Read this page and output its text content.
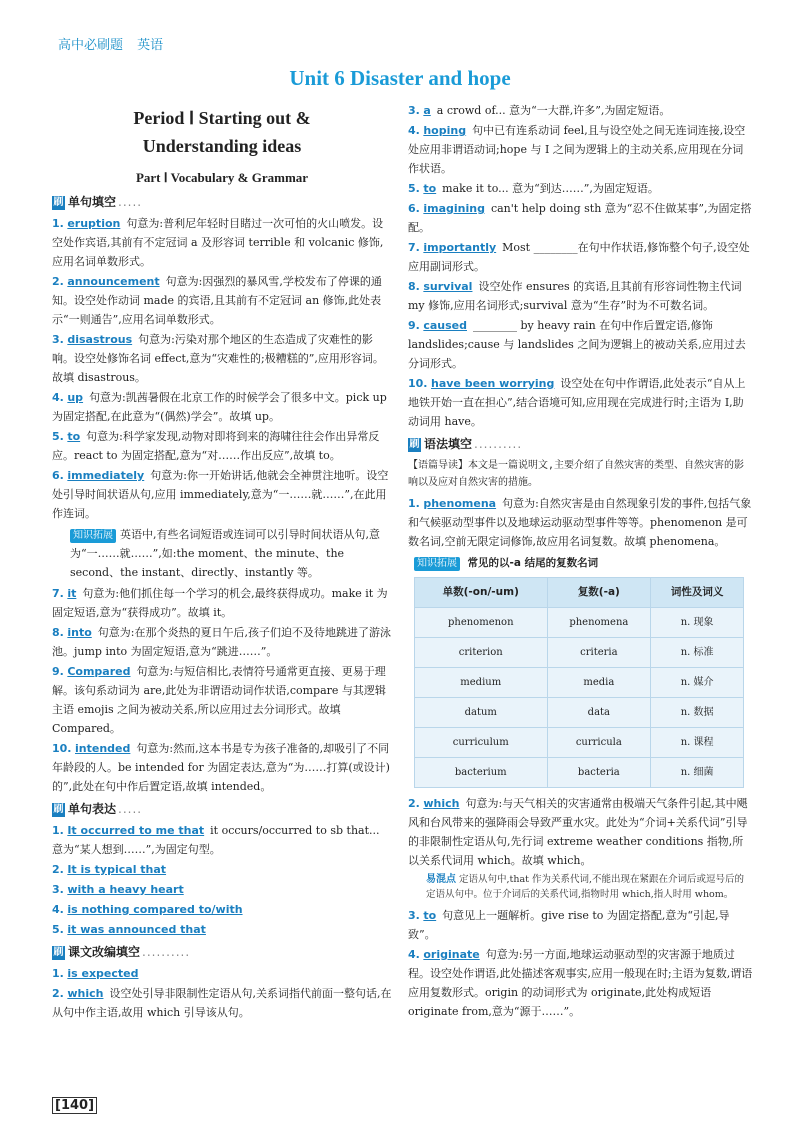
高中必刷题 英语
Unit 6 Disaster and hope
Period Ⅰ Starting out &
Understanding ideas
Part Ⅰ Vocabulary & Grammar
刷 单句填空 .....
1. eruption 句意为:普利尼年轻时目睹过一次可怕的火山喷发。设空处作宾语,其前有不定冠词 a 及形容词 terrible 和 volcanic 修饰,应用名词单数形式。
2. announcement 句意为:因强烈的暴风雪,学校发布了停课的通知。设空处作动词 made 的宾语,且其前有不定冠词 an 修饰,此处表示“一则通告”,应用名词单数形式。
3. disastrous 句意为:污染对那个地区的生态造成了灾难性的影响。设空处修饰名词 effect,意为“灾难性的;极糟糕的”,应用形容词。故填 disastrous。
4. up 句意为:凯茜暑假在北京工作的时候学会了很多中文。pick up 为固定搭配,在此意为“(偶然)学会”。故填 up。
5. to 句意为:科学家发现,动物对即将到来的海啸往往会作出异常反应。react to 为固定搭配,意为“对……作出反应”,故填 to。
6. immediately 句意为:你一开始讲话,他就会全神贯注地听。设空处引导时间状语从句,应用 immediately,意为“一……就……”,在此用作连词。
知识拓展 英语中,有些名词短语或连词可以引导时间状语从句,意为“一……就……”,如:the moment、the minute、the second、the instant、directly、instantly 等。
7. it 句意为:他们抓住每一个学习的机会,最终获得成功。make it 为固定短语,意为“获得成功”。故填 it。
8. into 句意为:在那个炎热的夏日午后,孩子们迫不及待地跳进了游泳池。jump into 为固定短语,意为“跳进……”。
9. Compared 句意为:与短信相比,表情符号通常更直接、更易于理解。该句系动词为 are,此处为非谓语动词作状语,compare 与其逻辑主语 emojis 之间为被动关系,所以应用过去分词形式。故填 Compared。
10. intended 句意为:然而,这本书是专为孩子准备的,却吸引了不同年龄段的人。be intended for 为固定表达,意为“为……打算(或设计)的”,此处在句中作后置定语,故填 intended。
刷 单句表达 .....
1. It occurred to me that it occurs/occurred to sb that... 意为“某人想到……”,为固定句型。
2. It is typical that
3. with a heavy heart
4. is nothing compared to/with
5. it was announced that
刷 课文改编填空 ..........
1. is expected
2. which 设空处引导非限制性定语从句,关系词指代前面一整句话,在从句中作主语,故用 which 引导该从句。
3. a a crowd of... 意为“一大群,许多”,为固定短语。
4. hoping 句中已有连系动词 feel,且与设空处之间无连词连接,设空处应用非谓语动词;hope 与 I 之间为逻辑上的主动关系,应用现在分词作状语。
5. to make it to... 意为“到达……”,为固定短语。
6. imagining can't help doing sth 意为“忍不住做某事”,为固定搭配。
7. importantly Most ________在句中作状语,修饰整个句子,设空处应用副词形式。
8. survival 设空处作 ensures 的宾语,且其前有形容词性物主代词 my 修饰,应用名词形式;survival 意为“生存”时为不可数名词。
9. caused ________ by heavy rain 在句中作后置定语,修饰 landslides;cause 与 landslides 之间为逻辑上的被动关系,应用过去分词形式。
10. have been worrying 设空处在句中作谓语,此处表示“自从上地铁开始一直在担心”,结合语境可知,应用现在完成进行时;主语为 I,助动词用 have。
刷 语法填空 ..........
【语篇导读】本文是一篇说明文,主要介绍了自然灾害的类型、自然灾害的影响以及应对自然灾害的措施。
1. phenomena 句意为:自然灾害是由自然现象引发的事件,包括气象和气候驱动型事件以及地球运动驱动型事件等等。phenomenon 是可数名词,空前无限定词修饰,故应用名词复数。故填 phenomena。
知识拓展 常见的以-a 结尾的复数名词
单数(-on/-um)	复数(-a)	词性及词义
phenomenon	phenomena	n. 现象
criterion	criteria	n. 标准
medium	media	n. 媒介
datum	data	n. 数据
curriculum	curricula	n. 课程
bacterium	bacteria	n. 细菌
2. which 句意为:与天气相关的灾害通常由极端天气条件引起,其中飓风和台风带来的强降雨会导致严重水灾。此处为“介词+关系代词”引导的非限制性定语从句,先行词 extreme weather conditions 指物,所以关系代词用 which。故填 which。
易混点 定语从句中,that 作为关系代词,不能出现在紧跟在介词后或逗号后的定语从句中。位于介词后的关系代词,指物时用 which,指人时用 whom。
3. to 句意见上一题解析。give rise to 为固定搭配,意为“引起,导致”。
4. originate 句意为:另一方面,地球运动驱动型的灾害源于地质过程。设空处作谓语,此处描述客观事实,应用一般现在时;主语为复数,谓语应用复数形式。origin 的动词形式为 originate,此处构成短语 originate from,意为“源于……”。
[140]
